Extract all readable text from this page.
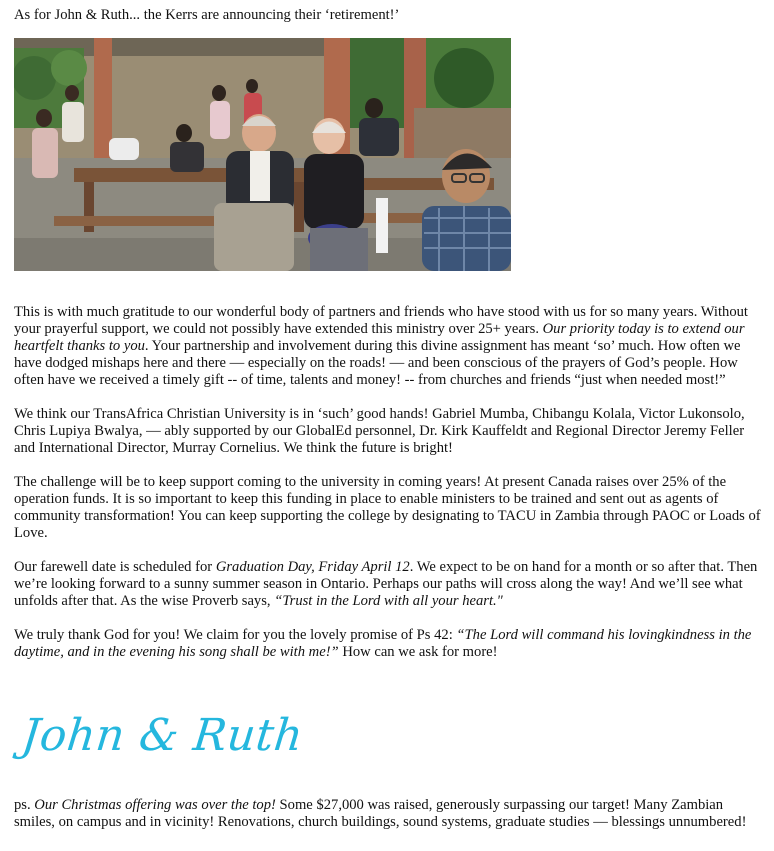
As for John & Ruth... the Kerrs are announcing their ‘retirement!’

This is with much gratitude to our wonderful body of partners and friends who have stood with us for so many years. Without your prayerful support, we could not possibly have extended this ministry over 25+ years. Our priority today is to extend our heartfelt thanks to you. Your partnership and involvement during this divine assignment has meant ‘so’ much. How often we have dodged mishaps here and there — especially on the roads! — and been conscious of the prayers of God’s people. How often have we received a timely gift -- of time, talents and money! -- from churches and friends “just when needed most!”

We think our TransAfrica Christian University is in ‘such’ good hands! Gabriel Mumba, Chibangu Kolala, Victor Lukonsolo, Chris Lupiya Bwalya, — ably supported by our GlobalEd personnel, Dr. Kirk Kauffeldt and Regional Director Jeremy Feller and International Director, Murray Cornelius. We think the future is bright!

The challenge will be to keep support coming to the university in coming years! At present Canada raises over 25% of the operation funds. It is so important to keep this funding in place to enable ministers to be trained and sent out as agents of community transformation! You can keep supporting the college by designating to TACU in Zambia through PAOC or Loads of Love.

Our farewell date is scheduled for Graduation Day, Friday April 12. We expect to be on hand for a month or so after that. Then we’re looking forward to a sunny summer season in Ontario. Perhaps our paths will cross along the way! And we’ll see what unfolds after that. As the wise Proverb says, “Trust in the Lord with all your heart."

We truly thank God for you! We claim for you the lovely promise of Ps 42: “The Lord will command his lovingkindness in the daytime, and in the evening his song shall be with me!” How can we ask for more!

John & Ruth

ps. Our Christmas offering was over the top! Some $27,000 was raised, generously surpassing our target! Many Zambian smiles, on campus and in vicinity! Renovations, church buildings, sound systems, graduate studies — blessings unnumbered!
